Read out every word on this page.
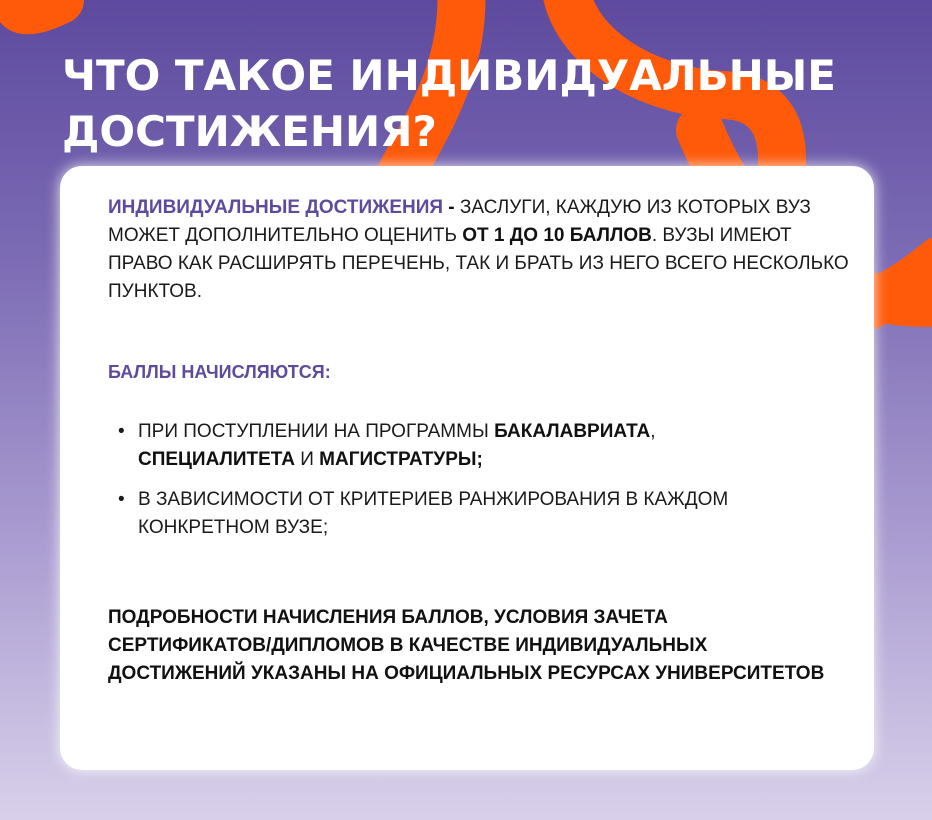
ЧТО ТАКОЕ ИНДИВИДУАЛЬНЫЕ
ДОСТИЖЕНИЯ?

ИНДИВИДУАЛЬНЫЕ ДОСТИЖЕНИЯ - ЗАСЛУГИ, КАЖДУЮ ИЗ КОТОРЫХ ВУЗ МОЖЕТ ДОПОЛНИТЕЛЬНО ОЦЕНИТЬ ОТ 1 ДО 10 БАЛЛОВ. ВУЗЫ ИМЕЮТ ПРАВО КАК РАСШИРЯТЬ ПЕРЕЧЕНЬ, ТАК И БРАТЬ ИЗ НЕГО ВСЕГО НЕСКОЛЬКО ПУНКТОВ.

БАЛЛЫ НАЧИСЛЯЮТСЯ:

• ПРИ ПОСТУПЛЕНИИ НА ПРОГРАММЫ БАКАЛАВРИАТА,
СПЕЦИАЛИТЕТА И МАГИСТРАТУРЫ;
• В ЗАВИСИМОСТИ ОТ КРИТЕРИЕВ РАНЖИРОВАНИЯ В КАЖДОМ КОНКРЕТНОМ ВУЗЕ;

ПОДРОБНОСТИ НАЧИСЛЕНИЯ БАЛЛОВ, УСЛОВИЯ ЗАЧЕТА СЕРТИФИКАТОВ/ДИПЛОМОВ В КАЧЕСТВЕ ИНДИВИДУАЛЬНЫХ ДОСТИЖЕНИЙ УКАЗАНЫ НА ОФИЦИАЛЬНЫХ РЕСУРСАХ УНИВЕРСИТЕТОВ
